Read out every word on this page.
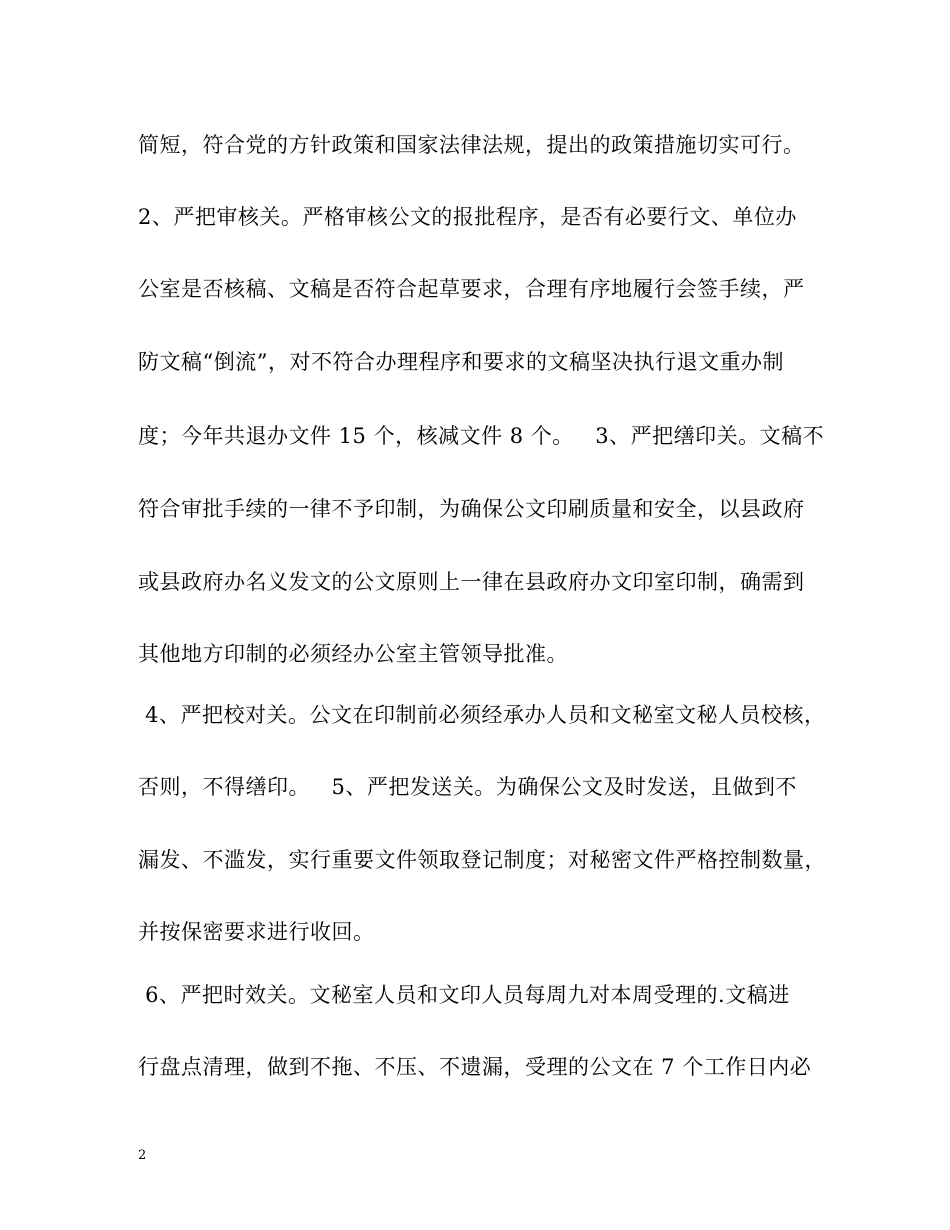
简短，符合党的方针政策和国家法律法规，提出的政策措施切实可行。
2、严把审核关。严格审核公文的报批程序，是否有必要行文、单位办
公室是否核稿、文稿是否符合起草要求，合理有序地履行会签手续，严
防文稿“倒流”，对不符合办理程序和要求的文稿坚决执行退文重办制
度；今年共退办文件 15 个，核减文件 8 个。   3、严把缮印关。文稿不
符合审批手续的一律不予印制，为确保公文印刷质量和安全，以县政府
或县政府办名义发文的公文原则上一律在县政府办文印室印制，确需到
其他地方印制的必须经办公室主管领导批准。
4、严把校对关。公文在印制前必须经承办人员和文秘室文秘人员校核，
否则，不得缮印。   5、严把发送关。为确保公文及时发送，且做到不
漏发、不滥发，实行重要文件领取登记制度；对秘密文件严格控制数量，
并按保密要求进行收回。
6、严把时效关。文秘室人员和文印人员每周九对本周受理的.文稿进
行盘点清理，做到不拖、不压、不遗漏，受理的公文在 7 个工作日内必
2
